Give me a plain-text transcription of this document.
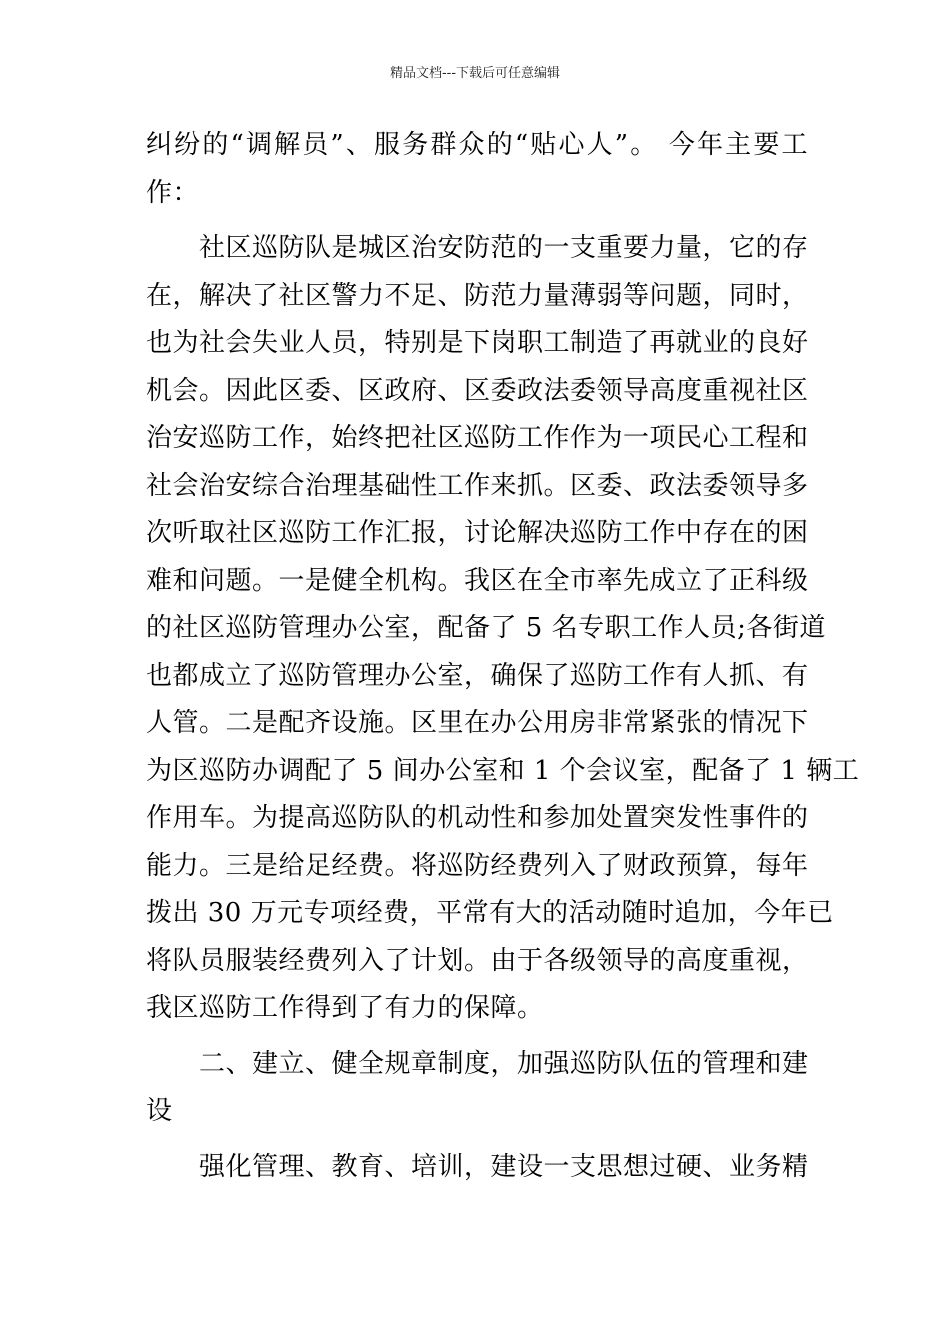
精品文档---下载后可任意编辑
纠纷的“调解员”、服务群众的“贴心人”。 今年主要工
作：
社区巡防队是城区治安防范的一支重要力量，它的存
在，解决了社区警力不足、防范力量薄弱等问题，同时，
也为社会失业人员，特别是下岗职工制造了再就业的良好
机会。因此区委、区政府、区委政法委领导高度重视社区
治安巡防工作，始终把社区巡防工作作为一项民心工程和
社会治安综合治理基础性工作来抓。区委、政法委领导多
次听取社区巡防工作汇报，讨论解决巡防工作中存在的困
难和问题。一是健全机构。我区在全市率先成立了正科级
的社区巡防管理办公室，配备了 5 名专职工作人员;各街道
也都成立了巡防管理办公室，确保了巡防工作有人抓、有
人管。二是配齐设施。区里在办公用房非常紧张的情况下
为区巡防办调配了 5 间办公室和 1 个会议室，配备了 1 辆工
作用车。为提高巡防队的机动性和参加处置突发性事件的
能力。三是给足经费。将巡防经费列入了财政预算，每年
拨出 30 万元专项经费，平常有大的活动随时追加，今年已
将队员服装经费列入了计划。由于各级领导的高度重视，
我区巡防工作得到了有力的保障。
二、建立、健全规章制度，加强巡防队伍的管理和建
设
强化管理、教育、培训，建设一支思想过硬、业务精
